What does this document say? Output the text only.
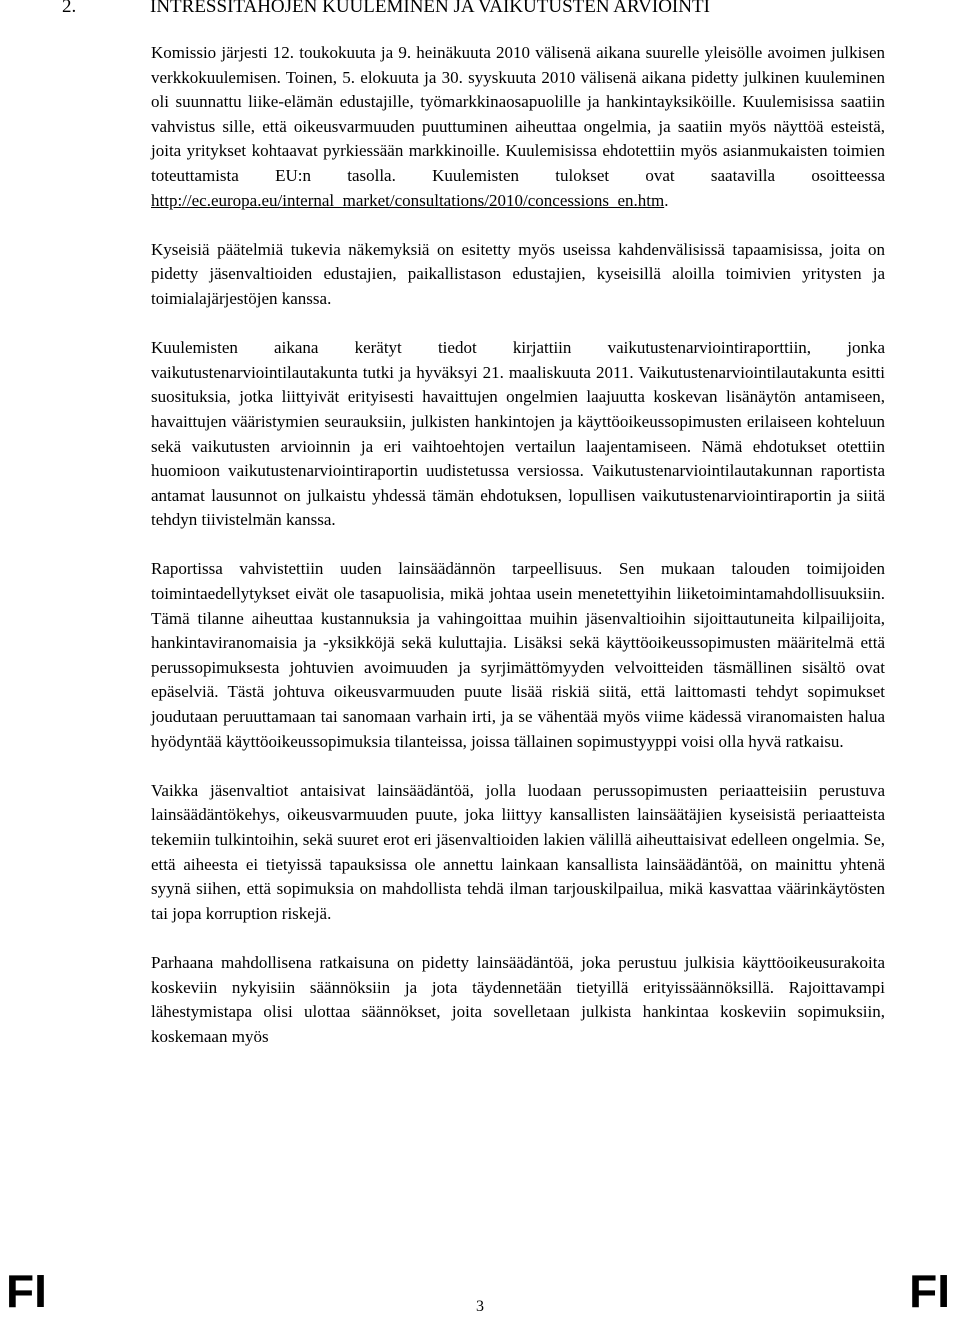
2.	INTRESSITAHOJEN KUULEMINEN JA VAIKUTUSTEN ARVIOINTI

Komissio järjesti 12. toukokuuta ja 9. heinäkuuta 2010 välisenä aikana suurelle yleisölle avoimen julkisen verkkokuulemisen. Toinen, 5. elokuuta ja 30. syyskuuta 2010 välisenä aikana pidetty julkinen kuuleminen oli suunnattu liike-elämän edustajille, työmarkkinaosapuolille ja hankintayksiköille. Kuulemisissa saatiin vahvistus sille, että oikeusvarmuuden puuttuminen aiheuttaa ongelmia, ja saatiin myös näyttöä esteistä, joita yritykset kohtaavat pyrkiessään markkinoille. Kuulemisissa ehdotettiin myös asianmukaisten toimien toteuttamista EU:n tasolla. Kuulemisten tulokset ovat saatavilla osoitteessa http://ec.europa.eu/internal_market/consultations/2010/concessions_en.htm.

Kyseisiä päätelmiä tukevia näkemyksiä on esitetty myös useissa kahdenvälisissä tapaamisissa, joita on pidetty jäsenvaltioiden edustajien, paikallistason edustajien, kyseisillä aloilla toimivien yritysten ja toimialajärjestöjen kanssa.

Kuulemisten aikana kerätyt tiedot kirjattiin vaikutustenarviointiraporttiin, jonka vaikutustenarviointilautakunta tutki ja hyväksyi 21. maaliskuuta 2011. Vaikutustenarviointilautakunta esitti suosituksia, jotka liittyivät erityisesti havaittujen ongelmien laajuutta koskevan lisänäytön antamiseen, havaittujen vääristymien seurauksiin, julkisten hankintojen ja käyttöoikeussopimusten erilaiseen kohteluun sekä vaikutusten arvioinnin ja eri vaihtoehtojen vertailun laajentamiseen. Nämä ehdotukset otettiin huomioon vaikutustenarviointiraportin uudistetussa versiossa. Vaikutustenarviointilautakunnan raportista antamat lausunnot on julkaistu yhdessä tämän ehdotuksen, lopullisen vaikutustenarviointiraportin ja siitä tehdyn tiivistelmän kanssa.

Raportissa vahvistettiin uuden lainsäädännön tarpeellisuus. Sen mukaan talouden toimijoiden toimintaedellytykset eivät ole tasapuolisia, mikä johtaa usein menetettyihin liiketoimintamahdollisuuksiin. Tämä tilanne aiheuttaa kustannuksia ja vahingoittaa muihin jäsenvaltioihin sijoittautuneita kilpailijoita, hankintaviranomaisia ja -yksikköjä sekä kuluttajia. Lisäksi sekä käyttöoikeussopimusten määritelmä että perussopimuksesta johtuvien avoimuuden ja syrjimättömyyden velvoitteiden täsmällinen sisältö ovat epäselviä. Tästä johtuva oikeusvarmuuden puute lisää riskiä siitä, että laittomasti tehdyt sopimukset joudutaan peruuttamaan tai sanomaan varhain irti, ja se vähentää myös viime kädessä viranomaisten halua hyödyntää käyttöoikeussopimuksia tilanteissa, joissa tällainen sopimustyyppi voisi olla hyvä ratkaisu.

Vaikka jäsenvaltiot antaisivat lainsäädäntöä, jolla luodaan perussopimusten periaatteisiin perustuva lainsäädäntökehys, oikeusvarmuuden puute, joka liittyy kansallisten lainsäätäjien kyseisistä periaatteista tekemiin tulkintoihin, sekä suuret erot eri jäsenvaltioiden lakien välillä aiheuttaisivat edelleen ongelmia. Se, että aiheesta ei tietyissä tapauksissa ole annettu lainkaan kansallista lainsäädäntöä, on mainittu yhtenä syynä siihen, että sopimuksia on mahdollista tehdä ilman tarjouskilpailua, mikä kasvattaa väärinkäytösten tai jopa korruption riskejä.

Parhaana mahdollisena ratkaisuna on pidetty lainsäädäntöä, joka perustuu julkisia käyttöoikeusurakoita koskeviin nykyisiin säännöksiin ja jota täydennetään tietyillä erityissäännöksillä. Rajoittavampi lähestymistapa olisi ulottaa säännökset, joita sovelletaan julkista hankintaa koskeviin sopimuksiin, koskemaan myös

FI	3	FI
